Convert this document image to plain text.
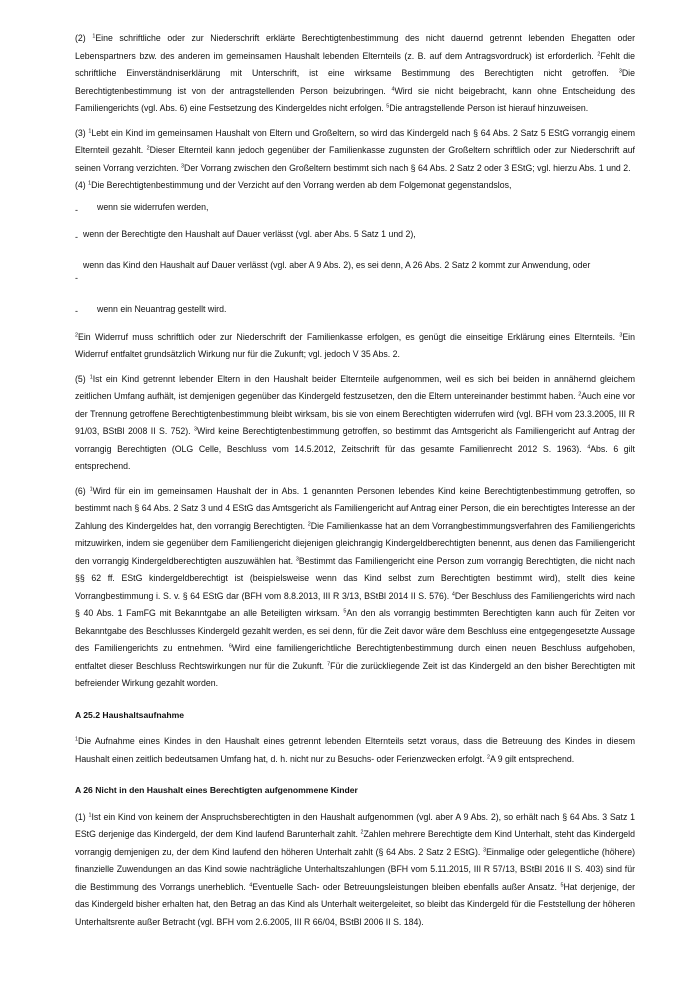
(2) $^1$Eine schriftliche oder zur Niederschrift erklärte Berechtigtenbestimmung des nicht dauernd getrennt lebenden Ehegatten oder Lebenspartners bzw. des anderen im gemeinsamen Haushalt lebenden Elternteils (z. B. auf dem Antragsvordruck) ist erforderlich. $^2$Fehlt die schriftliche Einverständniserklärung mit Unterschrift, ist eine wirksame Bestimmung des Berechtigten nicht getroffen. $^3$Die Berechtigtenbestimmung ist von der antragstellenden Person beizubringen. $^4$Wird sie nicht beigebracht, kann ohne Entscheidung des Familiengerichts (vgl. Abs. 6) eine Festsetzung des Kindergeldes nicht erfolgen. $^5$Die antragstellende Person ist hierauf hinzuweisen.

(3) $^1$Lebt ein Kind im gemeinsamen Haushalt von Eltern und Großeltern, so wird das Kindergeld nach § 64 Abs. 2 Satz 5 EStG vorrangig einem Elternteil gezahlt. $^2$Dieser Elternteil kann jedoch gegenüber der Familienkasse zugunsten der Großeltern schriftlich oder zur Niederschrift auf seinen Vorrang verzichten. $^3$Der Vorrang zwischen den Großeltern bestimmt sich nach § 64 Abs. 2 Satz 2 oder 3 EStG; vgl. hierzu Abs. 1 und 2.

(4) $^1$Die Berechtigtenbestimmung und der Verzicht auf den Vorrang werden ab dem Folgemonat gegenstandslos,

- wenn sie widerrufen werden,
- wenn der Berechtigte den Haushalt auf Dauer verlässt (vgl. aber Abs. 5 Satz 1 und 2),
-
wenn das Kind den Haushalt auf Dauer verlässt (vgl. aber A 9 Abs. 2), es sei denn, A 26 Abs. 2 Satz 2 kommt zur Anwendung, oder
- wenn ein Neuantrag gestellt wird.

$^2$Ein Widerruf muss schriftlich oder zur Niederschrift der Familienkasse erfolgen, es genügt die einseitige Erklärung eines Elternteils. $^3$Ein Widerruf entfaltet grundsätzlich Wirkung nur für die Zukunft; vgl. jedoch V 35 Abs. 2.

(5) $^1$Ist ein Kind getrennt lebender Eltern in den Haushalt beider Elternteile aufgenommen, weil es sich bei beiden in annähernd gleichem zeitlichen Umfang aufhält, ist demjenigen gegenüber das Kindergeld festzusetzen, den die Eltern untereinander bestimmt haben. $^2$Auch eine vor der Trennung getroffene Berechtigtenbestimmung bleibt wirksam, bis sie von einem Berechtigten widerrufen wird (vgl. BFH vom 23.3.2005, III R 91/03, BStBl 2008 II S. 752). $^3$Wird keine Berechtigtenbestimmung getroffen, so bestimmt das Amtsgericht als Familiengericht auf Antrag der vorrangig Berechtigten (OLG Celle, Beschluss vom 14.5.2012, Zeitschrift für das gesamte Familienrecht 2012 S. 1963). $^4$Abs. 6 gilt entsprechend.

(6) $^1$Wird für ein im gemeinsamen Haushalt der in Abs. 1 genannten Personen lebendes Kind keine Berechtigtenbestimmung getroffen, so bestimmt nach § 64 Abs. 2 Satz 3 und 4 EStG das Amtsgericht als Familiengericht auf Antrag einer Person, die ein berechtigtes Interesse an der Zahlung des Kindergeldes hat, den vorrangig Berechtigten. $^2$Die Familienkasse hat an dem Vorrangbestimmungsverfahren des Familiengerichts mitzuwirken, indem sie gegenüber dem Familiengericht diejenigen gleichrangig Kindergeldberechtigten benennt, aus denen das Familiengericht den vorrangig Kindergeldberechtigten auszuwählen hat. $^3$Bestimmt das Familiengericht eine Person zum vorrangig Berechtigten, die nicht nach §§ 62 ff. EStG kindergeldberechtigt ist (beispielsweise wenn das Kind selbst zum Berechtigten bestimmt wird), stellt dies keine Vorrangbestimmung i. S. v. § 64 EStG dar (BFH vom 8.8.2013, III R 3/13, BStBl 2014 II S. 576). $^4$Der Beschluss des Familiengerichts wird nach § 40 Abs. 1 FamFG mit Bekanntgabe an alle Beteiligten wirksam. $^5$An den als vorrangig bestimmten Berechtigten kann auch für Zeiten vor Bekanntgabe des Beschlusses Kindergeld gezahlt werden, es sei denn, für die Zeit davor wäre dem Beschluss eine entgegengesetzte Aussage des Familiengerichts zu entnehmen. $^6$Wird eine familiengerichtliche Berechtigtenbestimmung durch einen neuen Beschluss aufgehoben, entfaltet dieser Beschluss Rechtswirkungen nur für die Zukunft. $^7$Für die zurückliegende Zeit ist das Kindergeld an den bisher Berechtigten mit befreiender Wirkung gezahlt worden.

A 25.2 Haushaltsaufnahme

$^1$Die Aufnahme eines Kindes in den Haushalt eines getrennt lebenden Elternteils setzt voraus, dass die Betreuung des Kindes in diesem Haushalt einen zeitlich bedeutsamen Umfang hat, d. h. nicht nur zu Besuchs- oder Ferienzwecken erfolgt. $^2$A 9 gilt entsprechend.

A 26 Nicht in den Haushalt eines Berechtigten aufgenommene Kinder

(1) $^1$Ist ein Kind von keinem der Anspruchsberechtigten in den Haushalt aufgenommen (vgl. aber A 9 Abs. 2), so erhält nach § 64 Abs. 3 Satz 1 EStG derjenige das Kindergeld, der dem Kind laufend Barunterhalt zahlt. $^2$Zahlen mehrere Berechtigte dem Kind Unterhalt, steht das Kindergeld vorrangig demjenigen zu, der dem Kind laufend den höheren Unterhalt zahlt (§ 64 Abs. 2 Satz 2 EStG). $^3$Einmalige oder gelegentliche (höhere) finanzielle Zuwendungen an das Kind sowie nachträgliche Unterhaltszahlungen (BFH vom 5.11.2015, III R 57/13, BStBl 2016 II S. 403) sind für die Bestimmung des Vorrangs unerheblich. $^4$Eventuelle Sach- oder Betreuungsleistungen bleiben ebenfalls außer Ansatz. $^5$Hat derjenige, der das Kindergeld bisher erhalten hat, den Betrag an das Kind als Unterhalt weitergeleitet, so bleibt das Kindergeld für die Feststellung der höheren Unterhaltsrente außer Betracht (vgl. BFH vom 2.6.2005, III R 66/04, BStBl 2006 II S. 184).
